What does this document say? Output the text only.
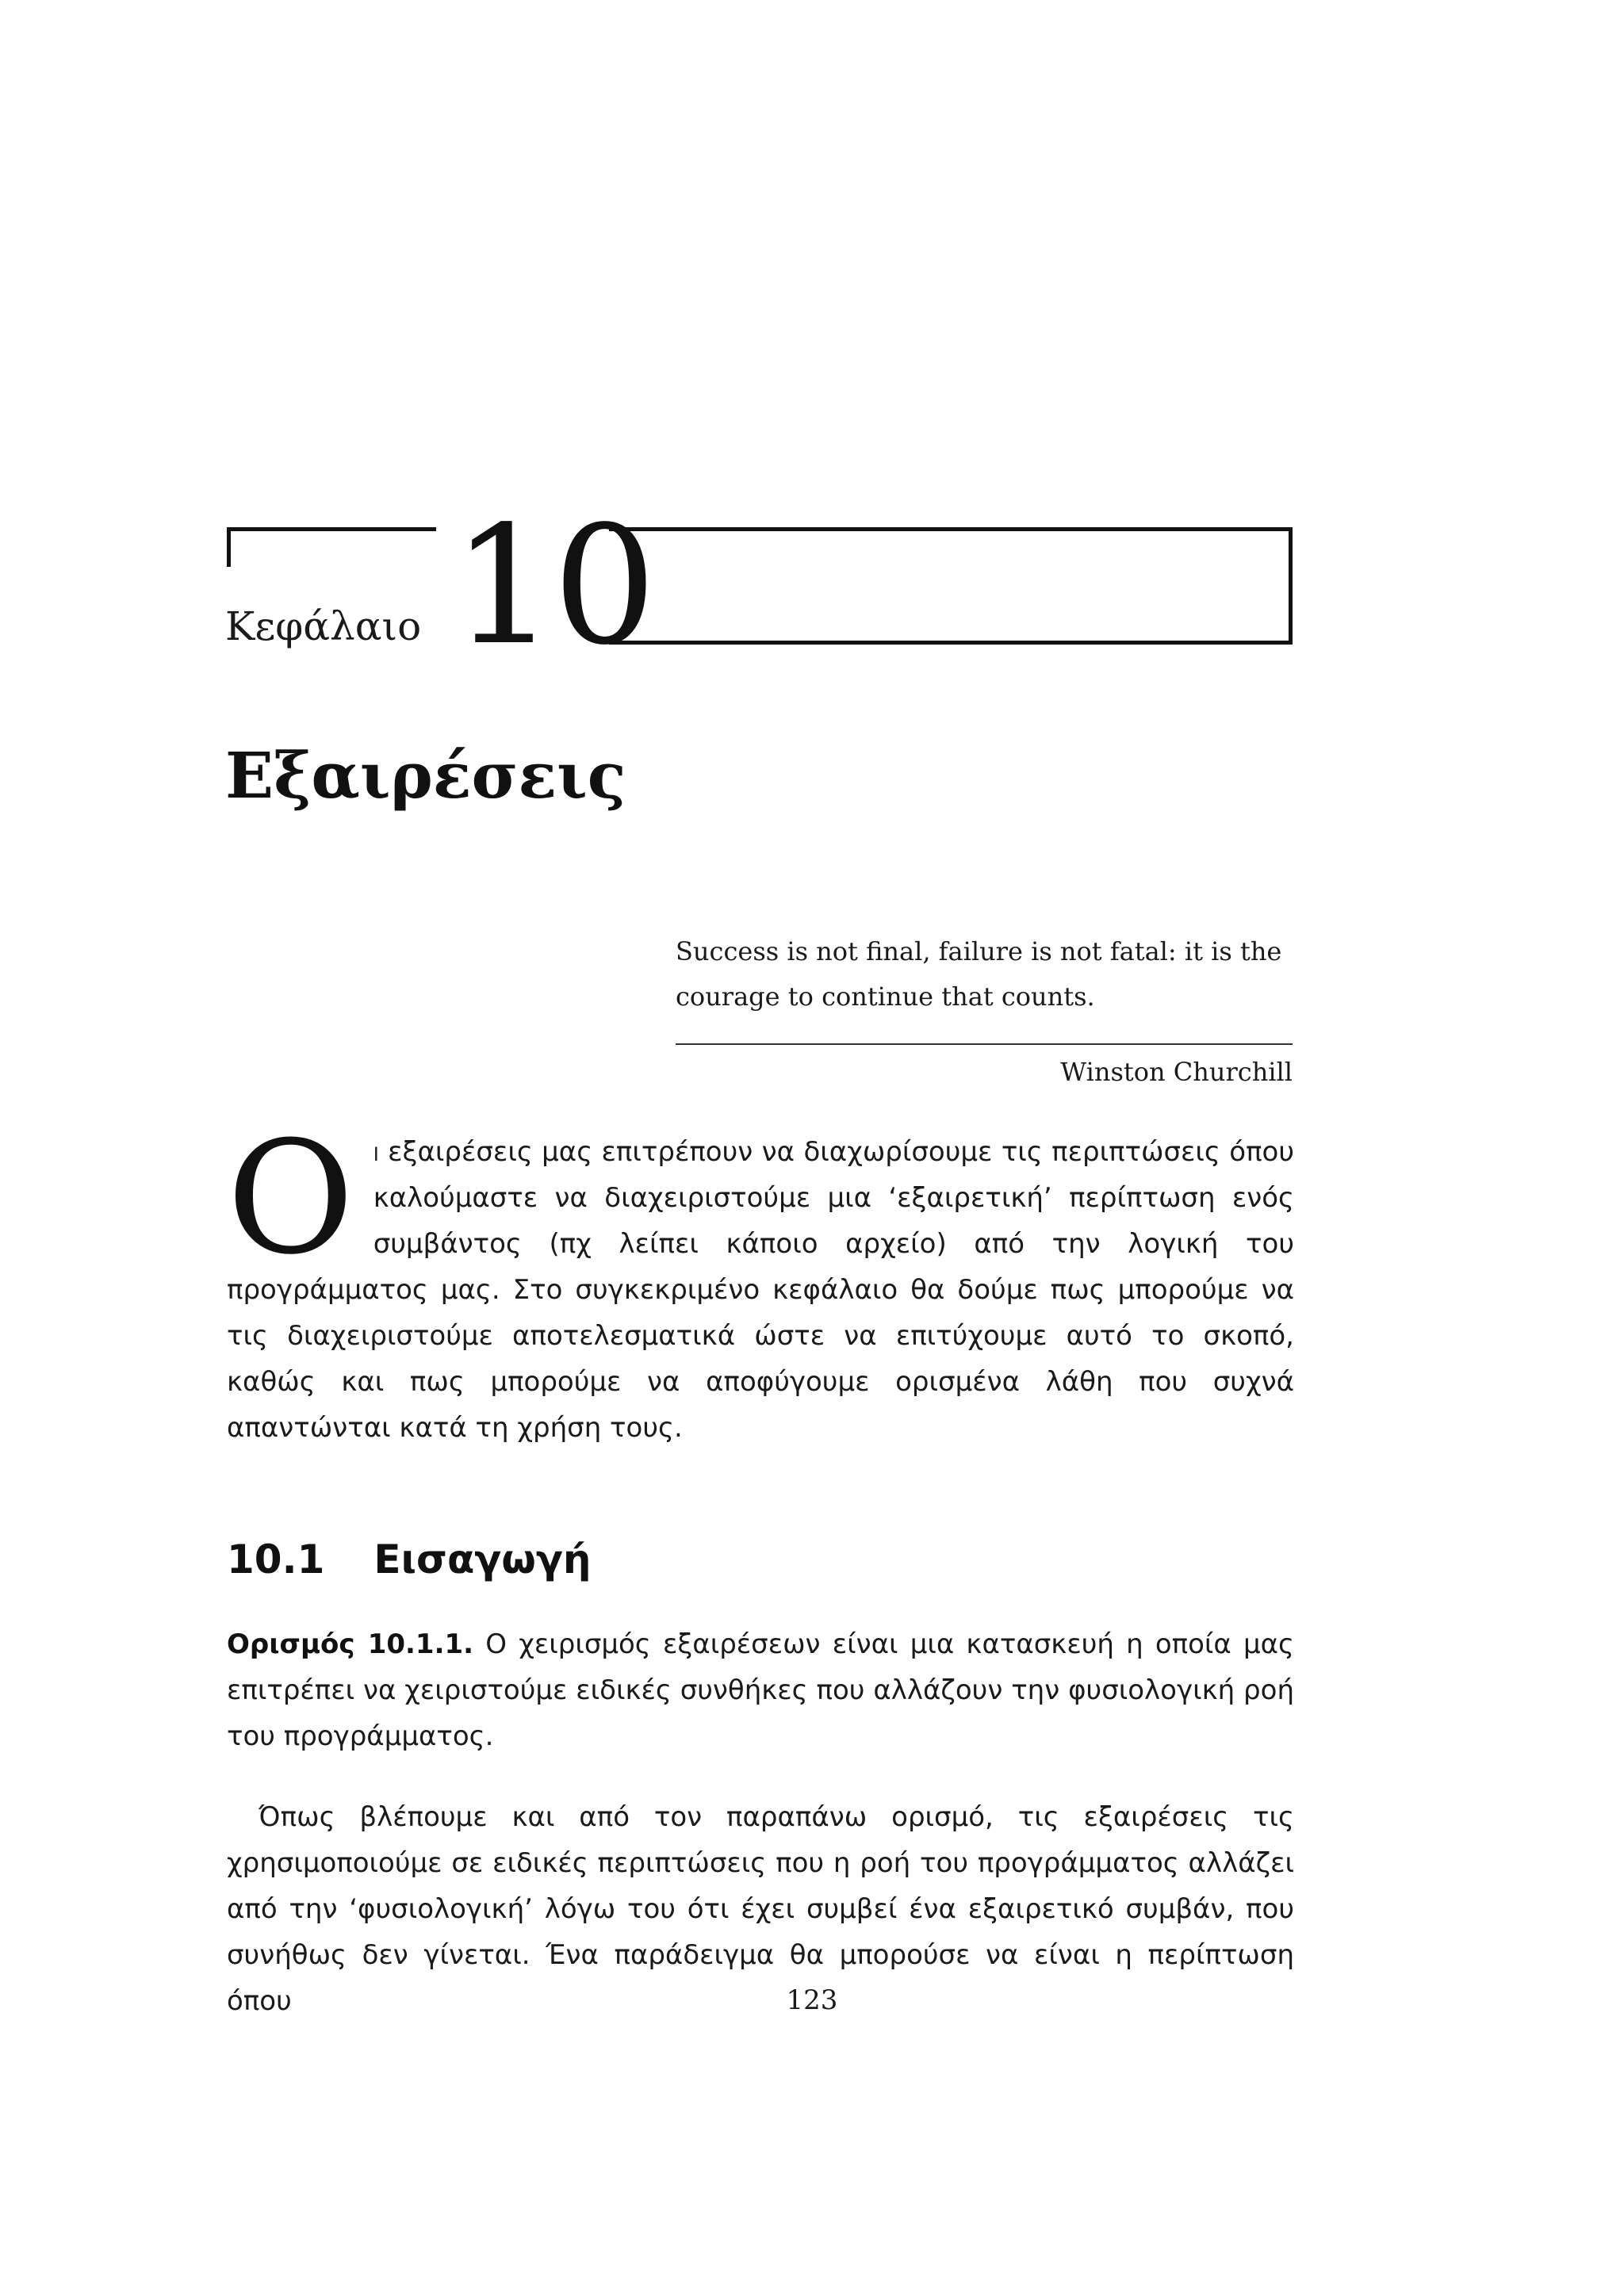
Κεφάλαιο 10
Εξαιρέσεις
Success is not final, failure is not fatal: it is the courage to continue that counts.
Winston Churchill

Οι εξαιρέσεις μας επιτρέπουν να διαχωρίσουμε τις περιπτώσεις όπου καλούμαστε να διαχειριστούμε μια ‘εξαιρετική’ περίπτωση ενός συμβάντος (πχ λείπει κάποιο αρχείο) από την λογική του προγράμματος μας. Στο συγκεκριμένο κεφάλαιο θα δούμε πως μπορούμε να τις διαχειριστούμε αποτελεσματικά ώστε να επιτύχουμε αυτό το σκοπό, καθώς και πως μπορούμε να αποφύγουμε ορισμένα λάθη που συχνά απαντώνται κατά τη χρήση τους.

10.1 Εισαγωγή

Ορισμός 10.1.1. Ο χειρισμός εξαιρέσεων είναι μια κατασκευή η οποία μας επιτρέπει να χειριστούμε ειδικές συνθήκες που αλλάζουν την φυσιολογική ροή του προγράμματος.

Όπως βλέπουμε και από τον παραπάνω ορισμό, τις εξαιρέσεις τις χρησιμοποιούμε σε ειδικές περιπτώσεις που η ροή του προγράμματος αλλάζει από την ‘φυσιολογική’ λόγω του ότι έχει συμβεί ένα εξαιρετικό συμβάν, που συνήθως δεν γίνεται. Ένα παράδειγμα θα μπορούσε να είναι η περίπτωση όπου	123
